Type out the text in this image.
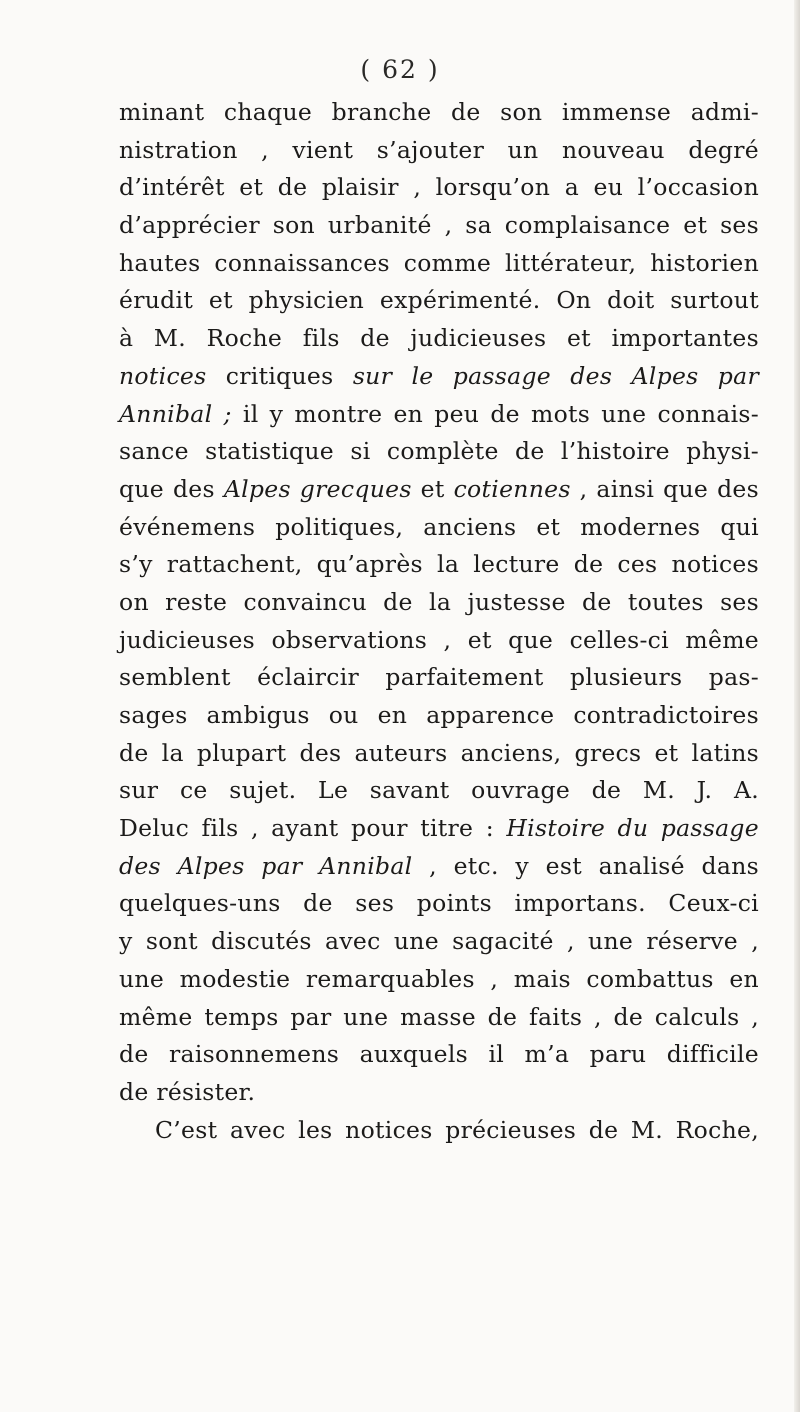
( 62 )
minant chaque branche de son immense admi-
nistration , vient s’ajouter un nouveau degré
d’intérêt et de plaisir , lorsqu’on a eu l’occasion
d’apprécier son urbanité , sa complaisance et ses
hautes connaissances comme littérateur, historien
érudit et physicien expérimenté. On doit surtout
à M. Roche fils de judicieuses et importantes
notices critiques sur le passage des Alpes par
Annibal ; il y montre en peu de mots une connais-
sance statistique si complète de l’histoire physi-
que des Alpes grecques et cotiennes , ainsi que des
événemens politiques, anciens et modernes qui
s’y rattachent, qu’après la lecture de ces notices
on reste convaincu de la justesse de toutes ses
judicieuses observations , et que celles-ci même
semblent éclaircir parfaitement plusieurs pas-
sages ambigus ou en apparence contradictoires
de la plupart des auteurs anciens, grecs et latins
sur ce sujet. Le savant ouvrage de M. J. A.
Deluc fils , ayant pour titre : Histoire du passage
des Alpes par Annibal , etc. y est analisé dans
quelques-uns de ses points importans. Ceux-ci
y sont discutés avec une sagacité , une réserve ,
une modestie remarquables , mais combattus en
même temps par une masse de faits , de calculs ,
de raisonnemens auxquels il m’a paru difficile
de résister.
C’est avec les notices précieuses de M. Roche,
